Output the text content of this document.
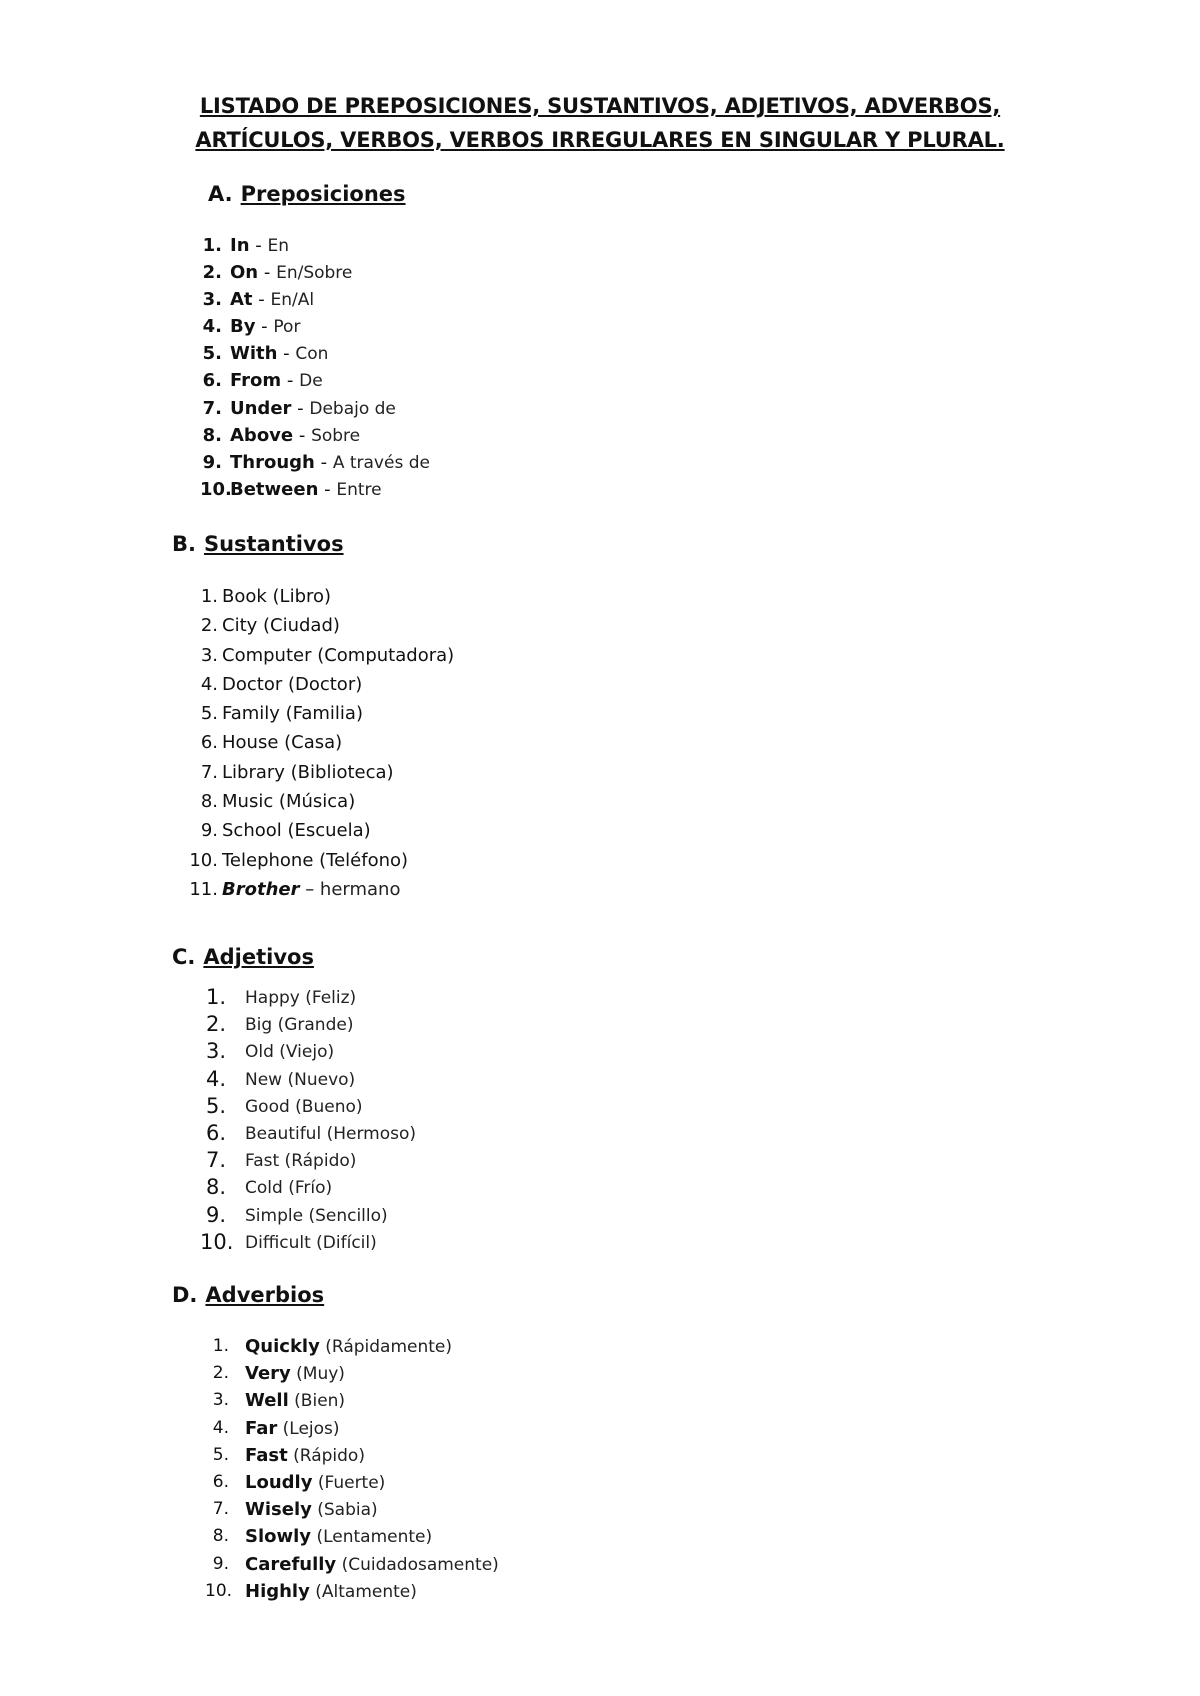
LISTADO DE PREPOSICIONES, SUSTANTIVOS, ADJETIVOS, ADVERBOS,
ARTÍCULOS, VERBOS, VERBOS IRREGULARES EN SINGULAR Y PLURAL.
A. Preposiciones
1. In - En
2. On - En/Sobre
3. At - En/Al
4. By - Por
5. With - Con
6. From - De
7. Under - Debajo de
8. Above - Sobre
9. Through - A través de
10.
Between - Entre
B. Sustantivos
1. Book (Libro)
2. City (Ciudad)
3. Computer (Computadora)
4. Doctor (Doctor)
5. Family (Familia)
6. House (Casa)
7. Library (Biblioteca)
8. Music (Música)
9. School (Escuela)
10. Telephone (Teléfono)
11. Brother – hermano
C. Adjetivos
1. Happy (Feliz)
2. Big (Grande)
3. Old (Viejo)
4. New (Nuevo)
5. Good (Bueno)
6. Beautiful (Hermoso)
7. Fast (Rápido)
8. Cold (Frío)
9. Simple (Sencillo)
10. Difficult (Difícil)
D. Adverbios
1. Quickly (Rápidamente)
2. Very (Muy)
3. Well (Bien)
4. Far (Lejos)
5. Fast (Rápido)
6. Loudly (Fuerte)
7. Wisely (Sabia)
8. Slowly (Lentamente)
9. Carefully (Cuidadosamente)
10. Highly (Altamente)
